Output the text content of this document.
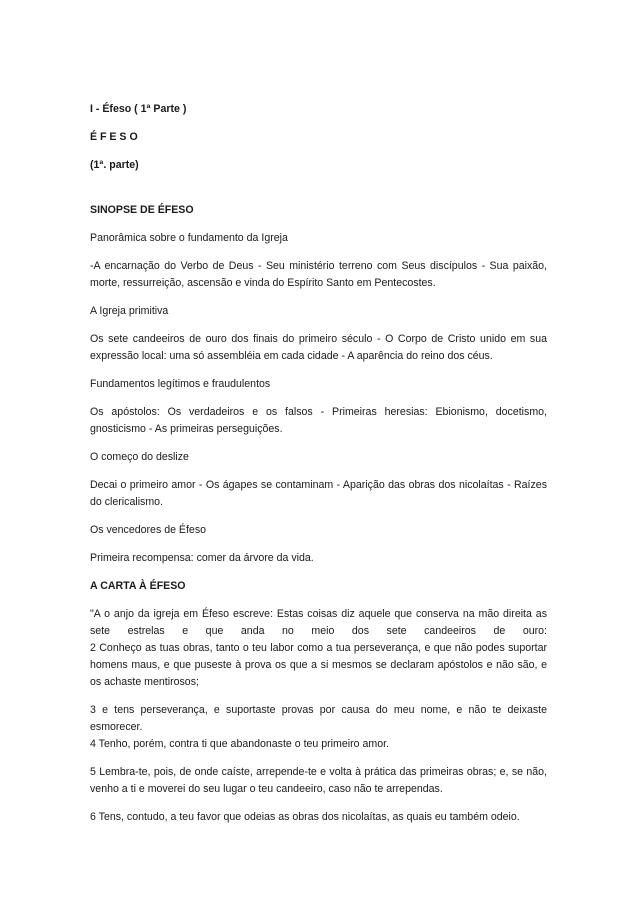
I - Éfeso ( 1ª Parte )

É F E S O

(1ª. parte)

SINOPSE DE ÉFESO

Panorâmica sobre o fundamento da Igreja

-A encarnação do Verbo de Deus - Seu ministério terreno com Seus discípulos - Sua paixão, morte, ressurreição, ascensão e vinda do Espírito Santo em Pentecostes.

A Igreja primitiva

Os sete candeeiros de ouro dos finais do primeiro século - O Corpo de Cristo unido em sua expressão local: uma só assembléia em cada cidade - A aparência do reino dos céus.

Fundamentos legítimos e fraudulentos

Os apóstolos: Os verdadeiros e os falsos - Primeiras heresias: Ebionismo, docetismo, gnosticismo - As primeiras perseguições.

O começo do deslize

Decai o primeiro amor - Os ágapes se contaminam - Aparição das obras dos nicolaítas - Raízes do clericalismo.

Os vencedores de Éfeso

Primeira recompensa: comer da árvore da vida.

A CARTA À ÉFESO

"A o anjo da igreja em Éfeso escreve: Estas coisas diz aquele que conserva na mão direita as sete estrelas e que anda no meio dos sete candeeiros de ouro:
2 Conheço as tuas obras, tanto o teu labor como a tua perseverança, e que não podes suportar homens maus, e que puseste à prova os que a si mesmos se declaram apóstolos e não são, e os achaste mentirosos;
3 e tens perseverança, e suportaste provas por causa do meu nome, e não te deixaste esmorecer.
4 Tenho, porém, contra ti que abandonaste o teu primeiro amor.

5 Lembra-te, pois, de onde caíste, arrepende-te e volta à prática das primeiras obras; e, se não, venho a ti e moverei do seu lugar o teu candeeiro, caso não te arrependas.

6 Tens, contudo, a teu favor que odeias as obras dos nicolaítas, as quais eu também odeio.
